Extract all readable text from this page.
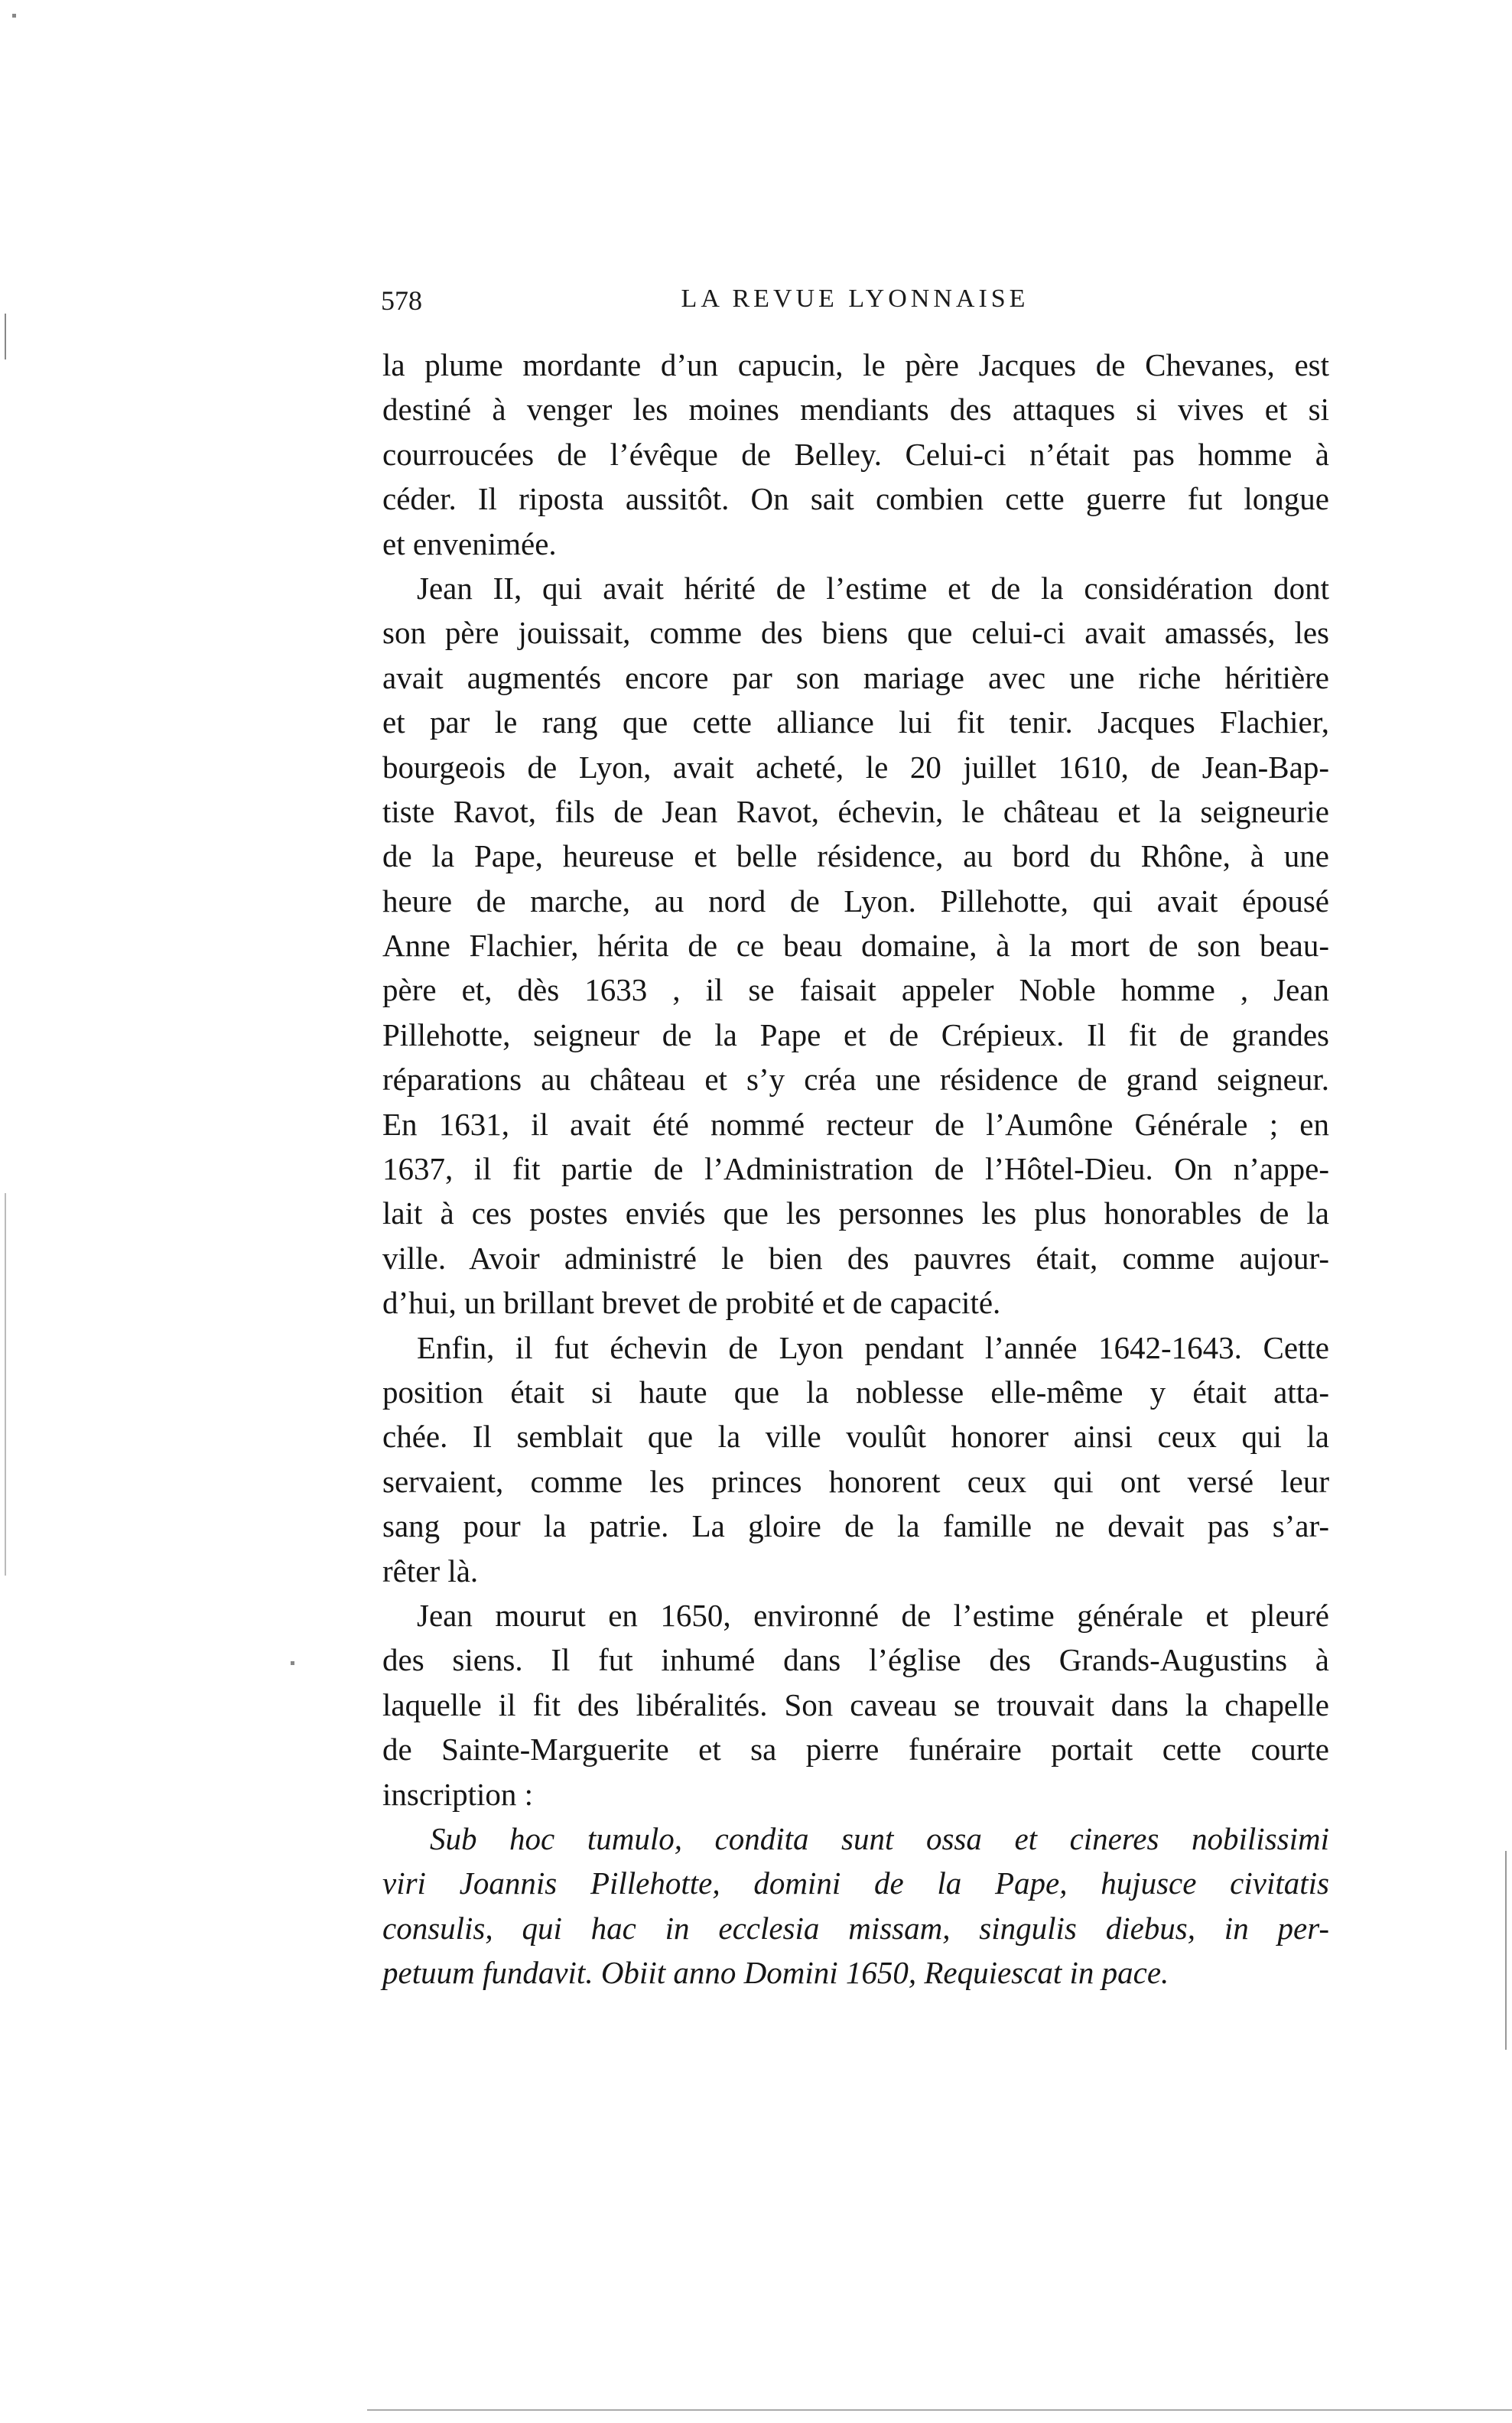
578	LA REVUE LYONNAISE
la plume mordante d’un capucin, le père Jacques de Chevanes, est
destiné à venger les moines mendiants des attaques si vives et si
courroucées de l’évêque de Belley. Celui-ci n’était pas homme à
céder. Il riposta aussitôt. On sait combien cette guerre fut longue
et envenimée.
Jean II, qui avait hérité de l’estime et de la considération dont
son père jouissait, comme des biens que celui-ci avait amassés, les
avait augmentés encore par son mariage avec une riche héritière
et par le rang que cette alliance lui fit tenir. Jacques Flachier,
bourgeois de Lyon, avait acheté, le 20 juillet 1610, de Jean-Bap-
tiste Ravot, fils de Jean Ravot, échevin, le château et la seigneurie
de la Pape, heureuse et belle résidence, au bord du Rhône, à une
heure de marche, au nord de Lyon. Pillehotte, qui avait épousé
Anne Flachier, hérita de ce beau domaine, à la mort de son beau-
père et, dès 1633 , il se faisait appeler Noble homme , Jean
Pillehotte, seigneur de la Pape et de Crépieux. Il fit de grandes
réparations au château et s’y créa une résidence de grand seigneur.
En 1631, il avait été nommé recteur de l’Aumône Générale ; en
1637, il fit partie de l’Administration de l’Hôtel-Dieu. On n’appe-
lait à ces postes enviés que les personnes les plus honorables de la
ville. Avoir administré le bien des pauvres était, comme aujour-
d’hui, un brillant brevet de probité et de capacité.
Enfin, il fut échevin de Lyon pendant l’année 1642-1643. Cette
position était si haute que la noblesse elle-même y était atta-
chée. Il semblait que la ville voulût honorer ainsi ceux qui la
servaient, comme les princes honorent ceux qui ont versé leur
sang pour la patrie. La gloire de la famille ne devait pas s’ar-
rêter là.
Jean mourut en 1650, environné de l’estime générale et pleuré
des siens. Il fut inhumé dans l’église des Grands-Augustins à
laquelle il fit des libéralités. Son caveau se trouvait dans la chapelle
de Sainte-Marguerite et sa pierre funéraire portait cette courte
inscription :
Sub hoc tumulo, condita sunt ossa et cineres nobilissimi
viri Joannis Pillehotte, domini de la Pape, hujusce civitatis
consulis, qui hac in ecclesia missam, singulis diebus, in per-
petuum fundavit. Obiit anno Domini 1650, Requiescat in pace.
